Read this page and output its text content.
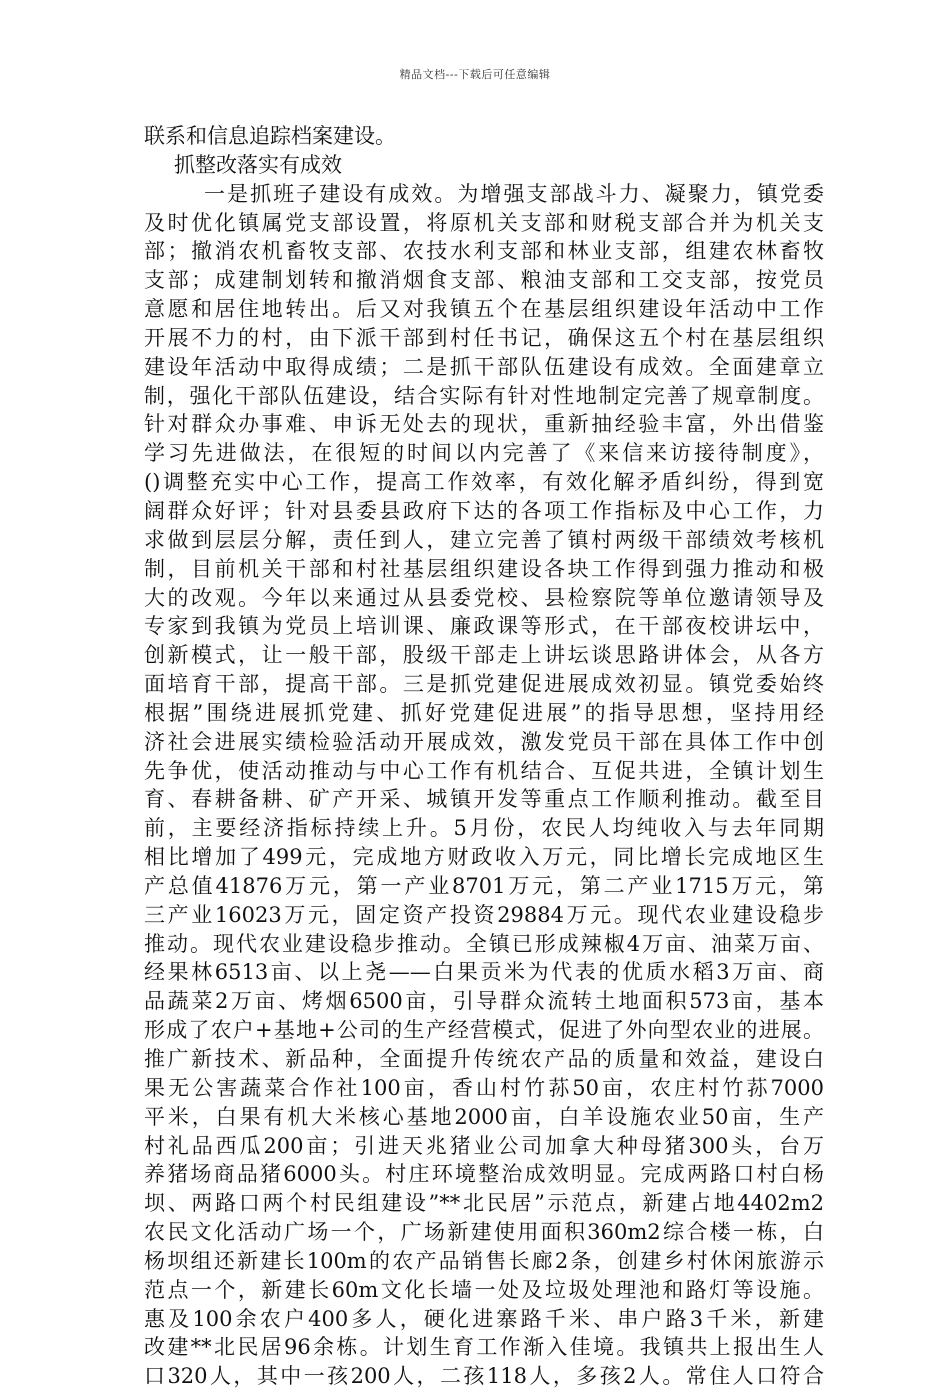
精品文档---下载后可任意编辑
联系和信息追踪档案建设。
抓整改落实有成效
一是抓班子建设有成效。为增强支部战斗力、凝聚力，镇党委
及时优化镇属党支部设置，将原机关支部和财税支部合并为机关支
部；撤消农机畜牧支部、农技水利支部和林业支部，组建农林畜牧
支部；成建制划转和撤消烟食支部、粮油支部和工交支部，按党员
意愿和居住地转出。后又对我镇五个在基层组织建设年活动中工作
开展不力的村，由下派干部到村任书记，确保这五个村在基层组织
建设年活动中取得成绩；二是抓干部队伍建设有成效。全面建章立
制，强化干部队伍建设，结合实际有针对性地制定完善了规章制度。
针对群众办事难、申诉无处去的现状，重新抽经验丰富，外出借鉴
学习先进做法，在很短的时间以内完善了《来信来访接待制度》，
()调整充实中心工作，提高工作效率，有效化解矛盾纠纷，得到宽
阔群众好评；针对县委县政府下达的各项工作指标及中心工作，力
求做到层层分解，责任到人，建立完善了镇村两级干部绩效考核机
制，目前机关干部和村社基层组织建设各块工作得到强力推动和极
大的改观。今年以来通过从县委党校、县检察院等单位邀请领导及
专家到我镇为党员上培训课、廉政课等形式，在干部夜校讲坛中，
创新模式，让一般干部，股级干部走上讲坛谈思路讲体会，从各方
面培育干部，提高干部。三是抓党建促进展成效初显。镇党委始终
根据”围绕进展抓党建、抓好党建促进展”的指导思想，坚持用经
济社会进展实绩检验活动开展成效，激发党员干部在具体工作中创
先争优，使活动推动与中心工作有机结合、互促共进，全镇计划生
育、春耕备耕、矿产开采、城镇开发等重点工作顺利推动。截至目
前，主要经济指标持续上升。5月份，农民人均纯收入与去年同期
相比增加了499元，完成地方财政收入万元，同比增长完成地区生
产总值41876万元，第一产业8701万元，第二产业1715万元，第
三产业16023万元，固定资产投资29884万元。现代农业建设稳步
推动。现代农业建设稳步推动。全镇已形成辣椒4万亩、油菜万亩、
经果林6513亩、以上尧——白果贡米为代表的优质水稻3万亩、商
品蔬菜2万亩、烤烟6500亩，引导群众流转土地面积573亩，基本
形成了农户+基地+公司的生产经营模式，促进了外向型农业的进展。
推广新技术、新品种，全面提升传统农产品的质量和效益，建设白
果无公害蔬菜合作社100亩，香山村竹荪50亩，农庄村竹荪7000
平米，白果有机大米核心基地2000亩，白羊设施农业50亩，生产
村礼品西瓜200亩；引进天兆猪业公司加拿大种母猪300头，台万
养猪场商品猪6000头。村庄环境整治成效明显。完成两路口村白杨
坝、两路口两个村民组建设”**北民居”示范点，新建占地4402m2
农民文化活动广场一个，广场新建使用面积360m2综合楼一栋，白
杨坝组还新建长100m的农产品销售长廊2条，创建乡村休闲旅游示
范点一个，新建长60m文化长墙一处及垃圾处理池和路灯等设施。
惠及100余农户400多人，硬化进寨路千米、串户路3千米，新建
改建**北民居96余栋。计划生育工作渐入佳境。我镇共上报出生人
口320人，其中一孩200人，二孩118人，多孩2人。常住人口符合
